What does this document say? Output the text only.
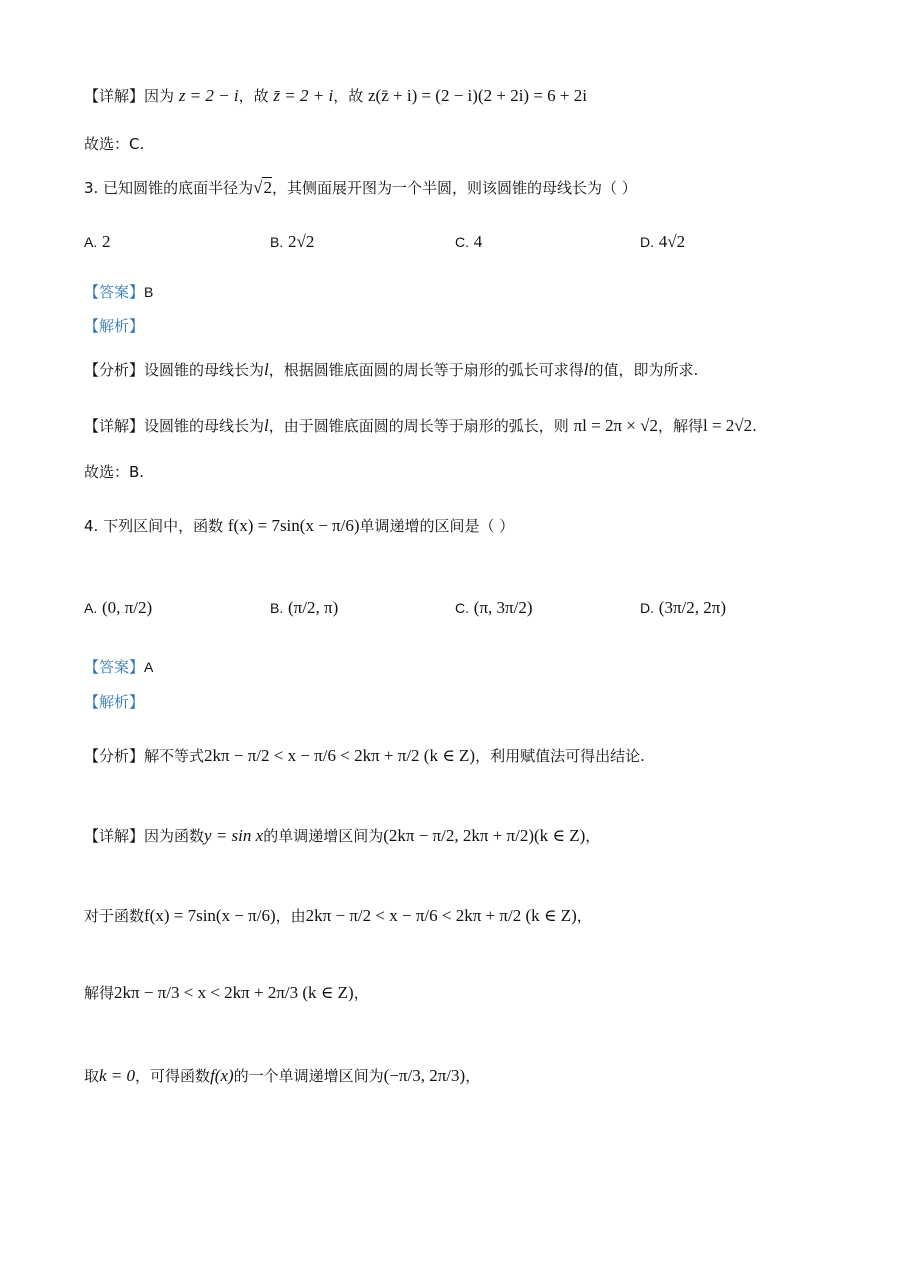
【详解】因为 z = 2 − i，故 z̄ = 2 + i，故 z(z̄ + i) = (2 − i)(2 + 2i) = 6 + 2i
故选：C.
3. 已知圆锥的底面半径为√2，其侧面展开图为一个半圆，则该圆锥的母线长为（ ）
A. 2	B. 2√2	C. 4	D. 4√2
【答案】B
【解析】
【分析】设圆锥的母线长为l，根据圆锥底面圆的周长等于扇形的弧长可求得l的值，即为所求.
【详解】设圆锥的母线长为l，由于圆锥底面圆的周长等于扇形的弧长，则 πl = 2π × √2，解得l = 2√2.
故选：B.
4. 下列区间中，函数 f(x) = 7sin(x − π/6)单调递增的区间是（ ）
A. (0, π/2)	B. (π/2, π)	C. (π, 3π/2)	D. (3π/2, 2π)
【答案】A
【解析】
【分析】解不等式2kπ − π/2 < x − π/6 < 2kπ + π/2 (k ∈ Z)，利用赋值法可得出结论.
【详解】因为函数y = sin x的单调递增区间为(2kπ − π/2, 2kπ + π/2)(k ∈ Z)，
对于函数f(x) = 7sin(x − π/6)，由2kπ − π/2 < x − π/6 < 2kπ + π/2 (k ∈ Z)，
解得2kπ − π/3 < x < 2kπ + 2π/3 (k ∈ Z)，
取k = 0，可得函数f(x)的一个单调递增区间为(−π/3, 2π/3)，
